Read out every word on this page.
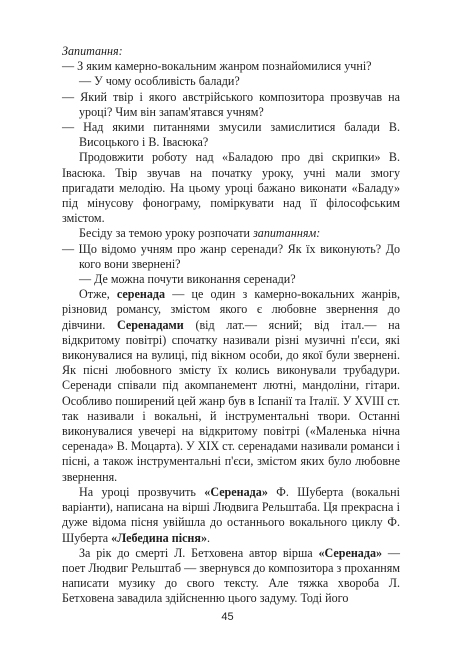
Запитання:

— З яким камерно-вокальним жанром познайомилися учні?

— У чому особливість балади?

— Який твір і якого австрійського композитора прозвучав на уроці? Чим він запам'ятався учням?

— Над якими питаннями змусили замислитися балади В. Висоцького і В. Івасюка?

Продовжити роботу над «Баладою про дві скрипки» В. Івасюка. Твір звучав на початку уроку, учні мали змогу пригадати мелодію. На цьому уроці бажано виконати «Баладу» під мінусову фонограму, поміркувати над її філософським змістом.

Бесіду за темою уроку розпочати запитанням:

— Що відомо учням про жанр серенади? Як їх виконують? До кого вони звернені?

— Де можна почути виконання серенади?

Отже, серенада — це один з камерно-вокальних жанрів, різновид романсу, змістом якого є любовне звернення до дівчини. Серенадами (від лат.— ясний; від італ.— на відкритому повітрі) спочатку називали різні музичні п'єси, які виконувалися на вулиці, під вікном особи, до якої були звернені. Як пісні любовного змісту їх колись виконували трубадури. Серенади співали під акомпанемент лютні, мандоліни, гітари. Особливо поширений цей жанр був в Іспанії та Італії. У XVIII ст. так називали і вокальні, й інструментальні твори. Останні виконувалися увечері на відкритому повітрі («Маленька нічна серенада» В. Моцарта). У XIX ст. серенадами називали романси і пісні, а також інструментальні п'єси, змістом яких було любовне звернення.

На уроці прозвучить «Серенада» Ф. Шуберта (вокальні варіанти), написана на вірші Людвига Рельштаба. Ця прекрасна і дуже відома пісня увійшла до останнього вокального циклу Ф. Шуберта «Лебедина пісня».

За рік до смерті Л. Бетховена автор вірша «Серенада» — поет Людвиг Рельштаб — звернувся до композитора з проханням написати музику до свого тексту. Але тяжка хвороба Л. Бетховена завадила здійсненню цього задуму. Тоді його

45
